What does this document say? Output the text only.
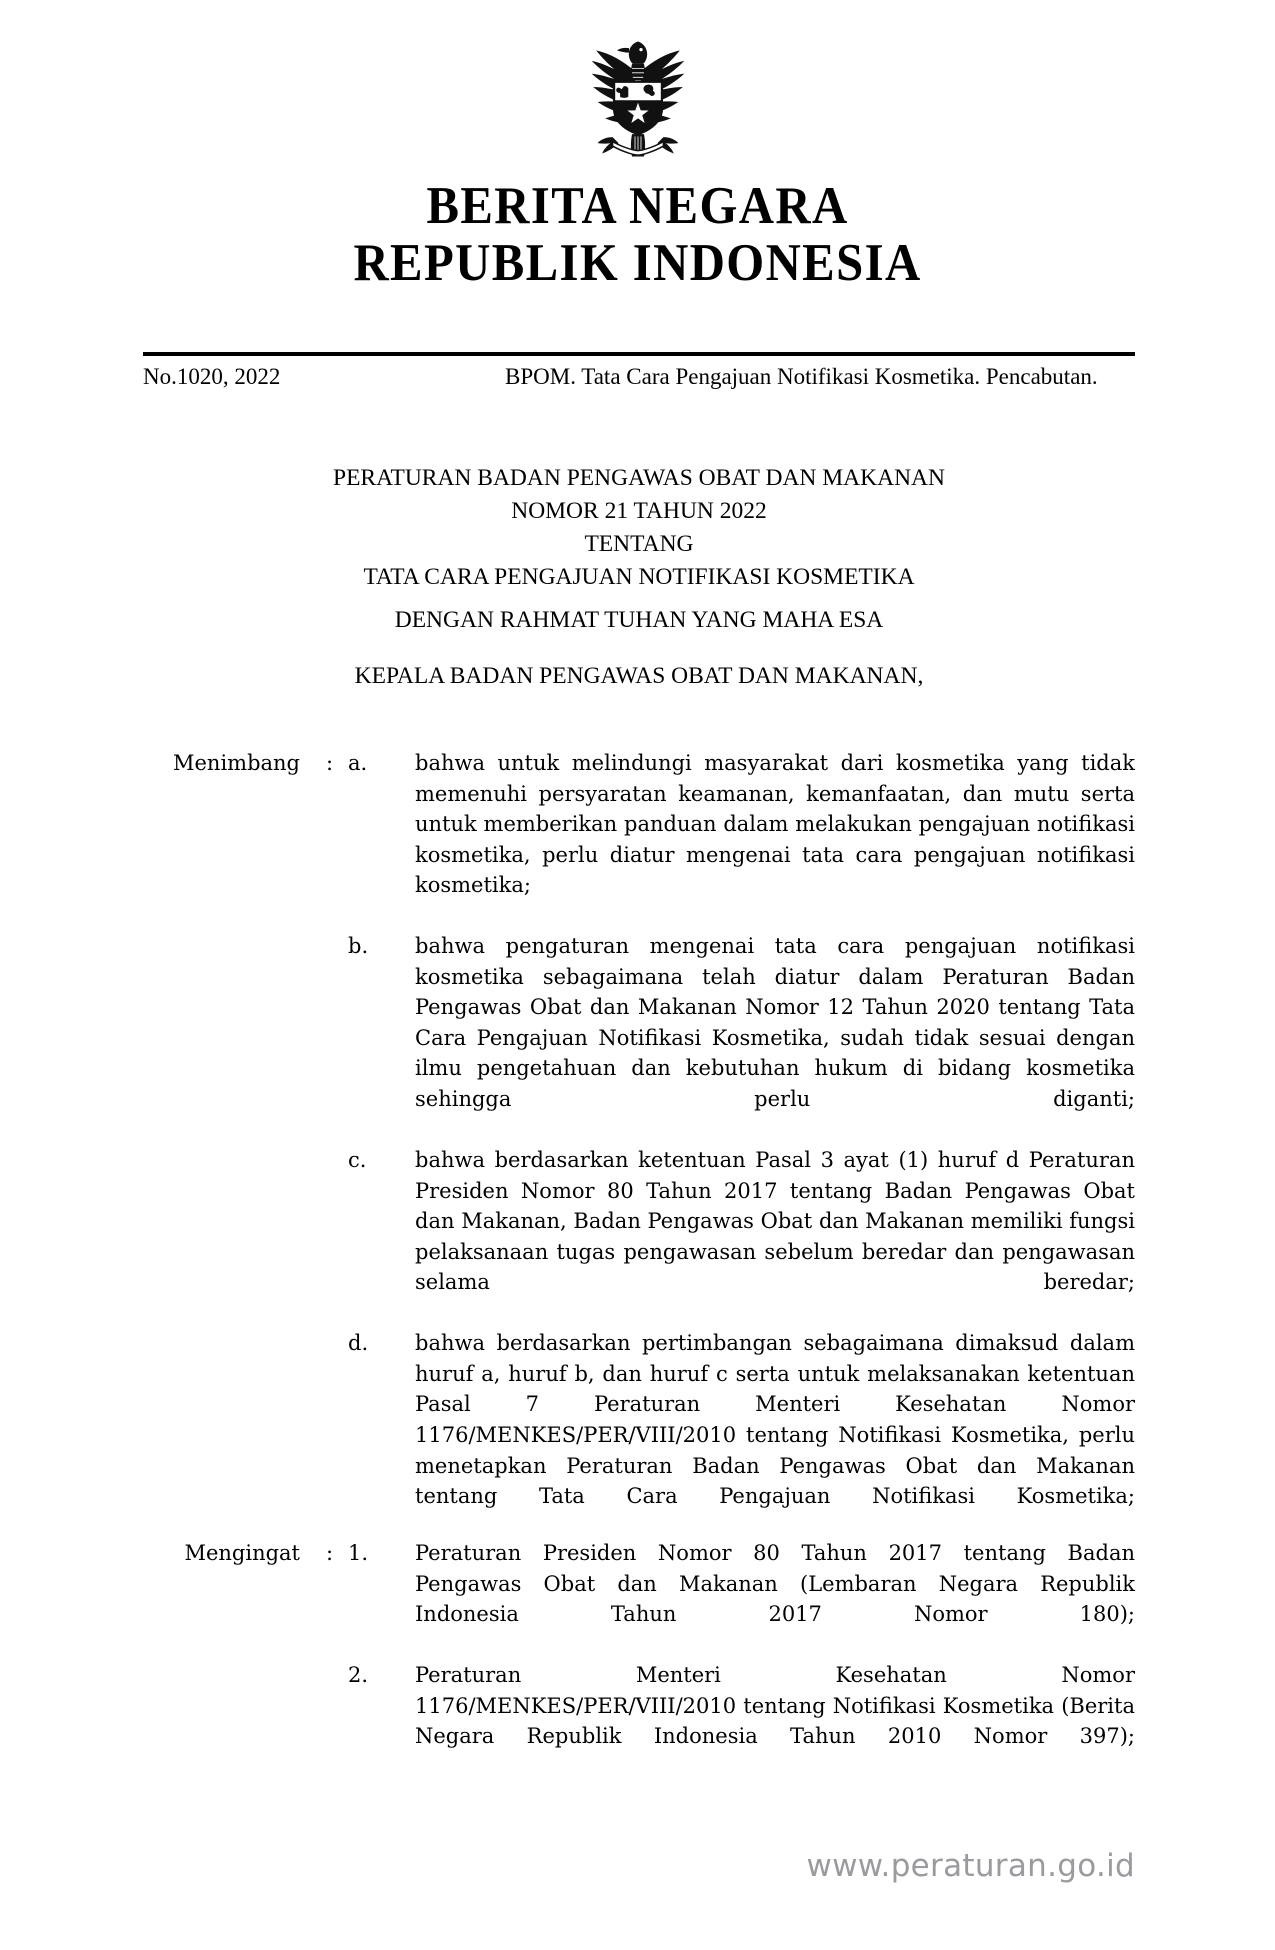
BERITA NEGARA
REPUBLIK INDONESIA
No.1020, 2022	BPOM. Tata Cara Pengajuan Notifikasi Kosmetika. Pencabutan.
PERATURAN BADAN PENGAWAS OBAT DAN MAKANAN
NOMOR 21 TAHUN 2022
TENTANG
TATA CARA PENGAJUAN NOTIFIKASI KOSMETIKA
DENGAN RAHMAT TUHAN YANG MAHA ESA
KEPALA BADAN PENGAWAS OBAT DAN MAKANAN,
Menimbang : a.	bahwa untuk melindungi masyarakat dari kosmetika yang tidak memenuhi persyaratan keamanan, kemanfaatan, dan mutu serta untuk memberikan panduan dalam melakukan pengajuan notifikasi kosmetika, perlu diatur mengenai tata cara pengajuan notifikasi kosmetika;
b.	bahwa pengaturan mengenai tata cara pengajuan notifikasi kosmetika sebagaimana telah diatur dalam Peraturan Badan Pengawas Obat dan Makanan Nomor 12 Tahun 2020 tentang Tata Cara Pengajuan Notifikasi Kosmetika, sudah tidak sesuai dengan ilmu pengetahuan dan kebutuhan hukum di bidang kosmetika sehingga perlu diganti;
c.	bahwa berdasarkan ketentuan Pasal 3 ayat (1) huruf d Peraturan Presiden Nomor 80 Tahun 2017 tentang Badan Pengawas Obat dan Makanan, Badan Pengawas Obat dan Makanan memiliki fungsi pelaksanaan tugas pengawasan sebelum beredar dan pengawasan selama beredar;
d.	bahwa berdasarkan pertimbangan sebagaimana dimaksud dalam huruf a, huruf b, dan huruf c serta untuk melaksanakan ketentuan Pasal 7 Peraturan Menteri Kesehatan Nomor 1176/MENKES/PER/VIII/2010 tentang Notifikasi Kosmetika, perlu menetapkan Peraturan Badan Pengawas Obat dan Makanan tentang Tata Cara Pengajuan Notifikasi Kosmetika;
Mengingat : 1.	Peraturan Presiden Nomor 80 Tahun 2017 tentang Badan Pengawas Obat dan Makanan (Lembaran Negara Republik Indonesia Tahun 2017 Nomor 180);
2.	Peraturan Menteri Kesehatan Nomor 1176/MENKES/PER/VIII/2010 tentang Notifikasi Kosmetika (Berita Negara Republik Indonesia Tahun 2010 Nomor 397);
www.peraturan.go.id
